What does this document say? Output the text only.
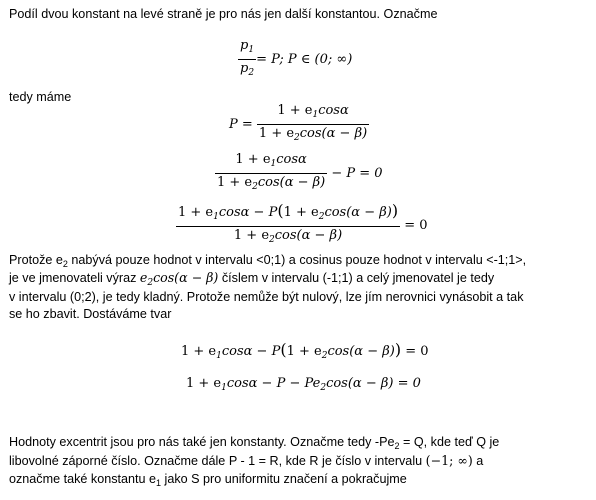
Podíl dvou konstant na levé straně je pro nás jen další konstantou. Označme
$\frac{p_1}{p_2} = P$; P ∈ (0; ∞)
tedy máme
$P = \frac{1 + e_1\cos\alpha}{1 + e_2\cos(\alpha - \beta)}$
$\frac{1 + e_1\cos\alpha}{1 + e_2\cos(\alpha - \beta)} - P = 0$
$\frac{1 + e_1\cos\alpha - P(1 + e_2\cos(\alpha - \beta))}{1 + e_2\cos(\alpha - \beta)} = 0$
Protože $e_2$ nabývá pouze hodnot v intervalu <0;1) a cosinus pouze hodnot v intervalu <-1;1>,
je ve jmenovateli výraz $e_2\cos(\alpha - \beta)$ číslem v intervalu (-1;1) a celý jmenovatel je tedy
v intervalu (0;2), je tedy kladný. Protože nemůže být nulový, lze jím nerovnici vynásobit a tak
se ho zbavit. Dostáváme tvar
$1 + e_1\cos\alpha - P(1 + e_2\cos(\alpha - \beta)) = 0$
$1 + e_1\cos\alpha - P - Pe_2\cos(\alpha - \beta) = 0$
Hodnoty excentrit jsou pro nás také jen konstanty. Označme tedy $-Pe_2 = Q$, kde teď Q je
libovolné záporné číslo. Označme dále P - 1 = R, kde R je číslo v intervalu (−1; ∞) a
označme také konstantu $e_1$ jako S pro uniformitu značení a pokračujme
